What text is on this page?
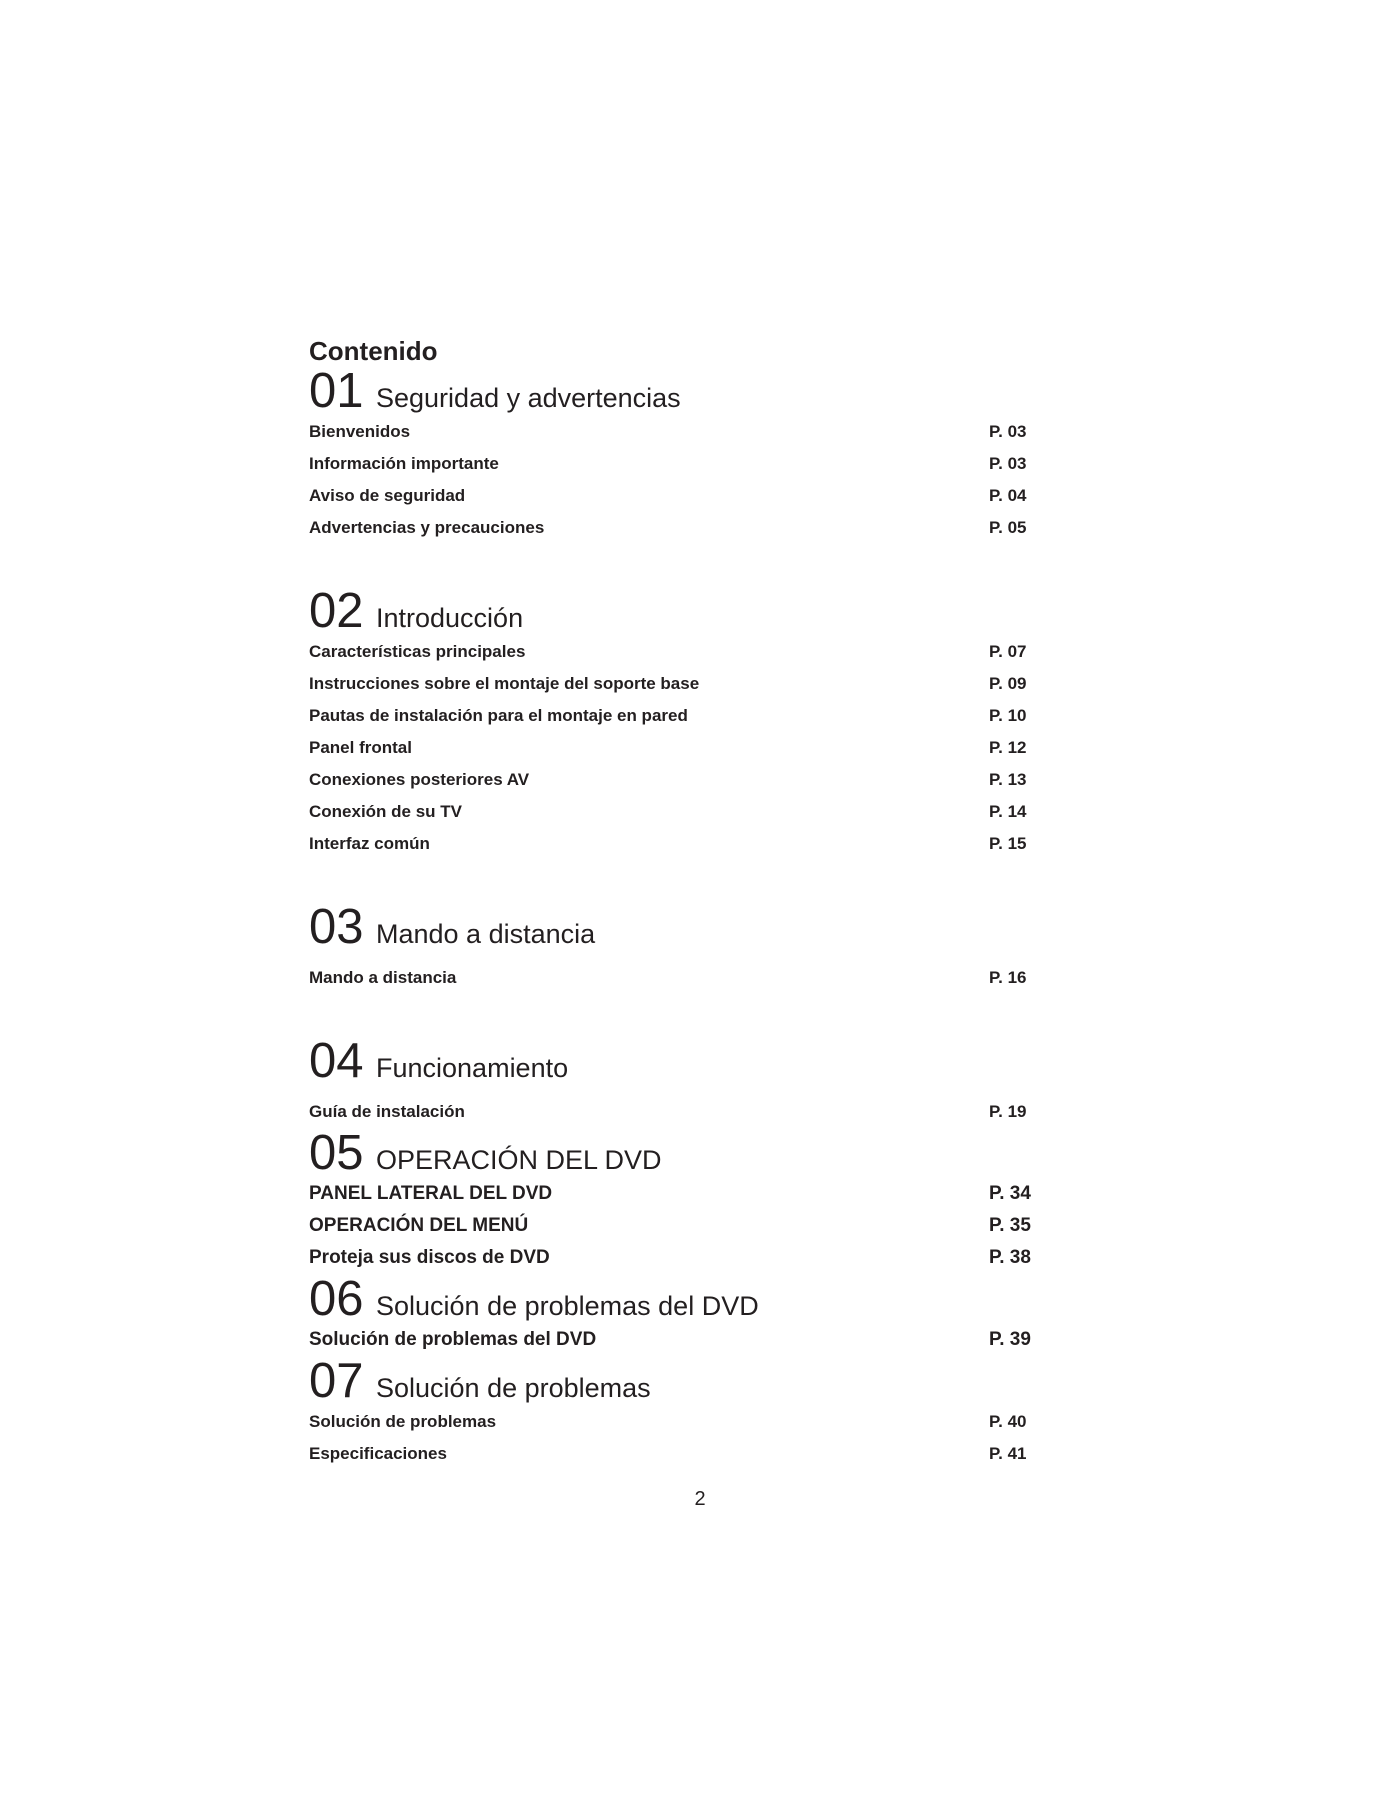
Contenido
01 Seguridad y advertencias
Bienvenidos	P. 03
Información importante	P. 03
Aviso de seguridad	P. 04
Advertencias y precauciones	P. 05
02 Introducción
Características principales	P. 07
Instrucciones sobre el montaje del soporte base	P. 09
Pautas de instalación para el montaje en pared	P. 10
Panel frontal	P. 12
Conexiones posteriores AV	P. 13
Conexión de su TV	P. 14
Interfaz común	P. 15
03 Mando a distancia
Mando a distancia	P. 16
04 Funcionamiento
Guía de instalación	P. 19
05 OPERACIÓN DEL DVD
PANEL LATERAL DEL DVD	P. 34
OPERACIÓN DEL MENÚ	P. 35
Proteja sus discos de DVD	P. 38
06 Solución de problemas del DVD
Solución de problemas del DVD	P. 39
07 Solución de problemas
Solución de problemas	P. 40
Especificaciones	P. 41
2
